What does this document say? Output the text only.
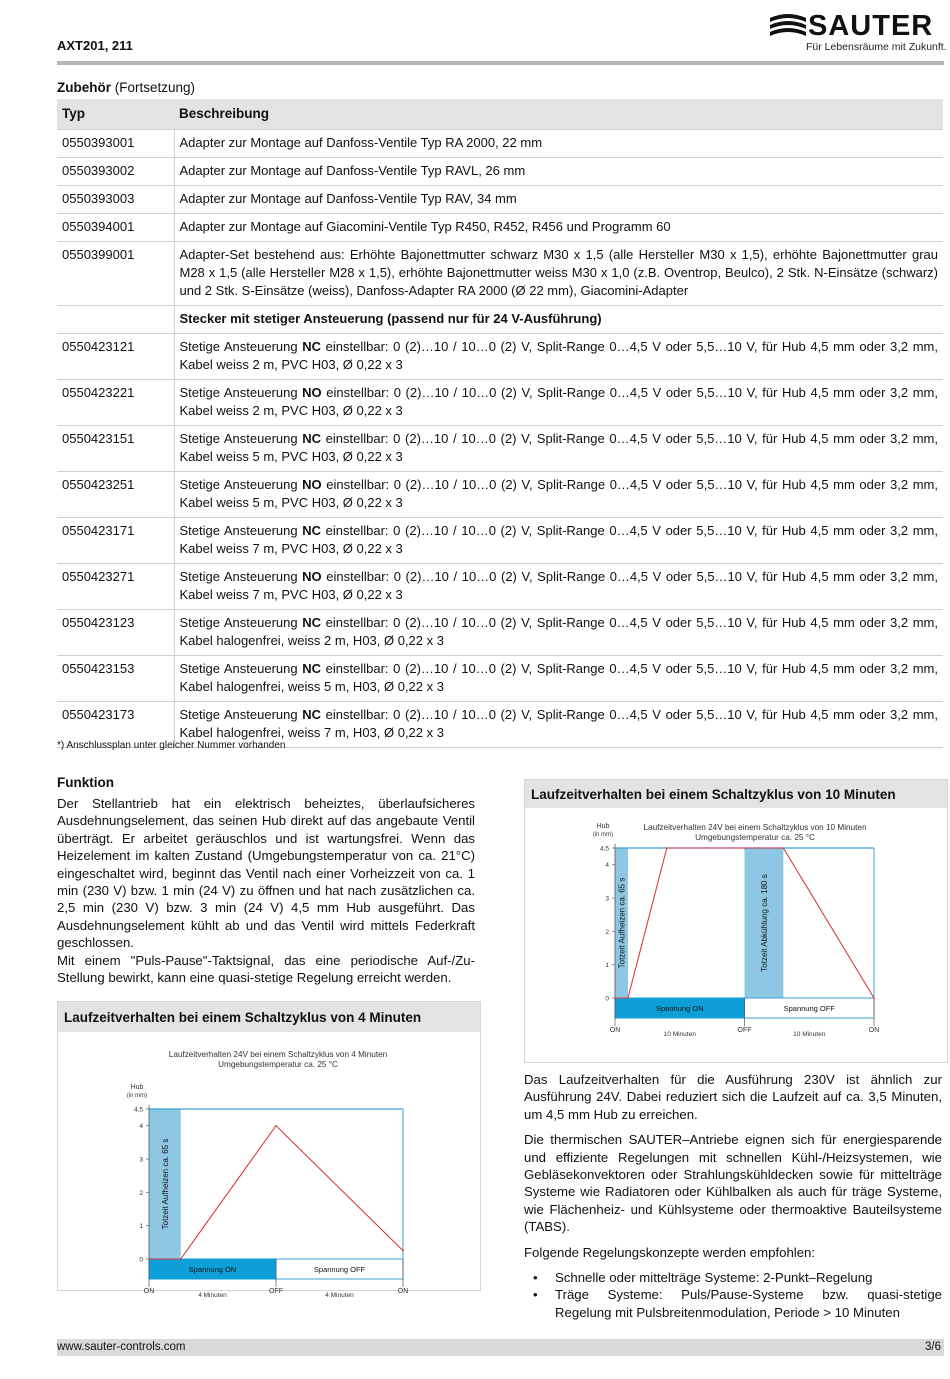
AXT201, 211
SAUTER
Für Lebensräume mit Zukunft.
Zubehör (Fortsetzung)
Typ	Beschreibung
0550393001	Adapter zur Montage auf Danfoss-Ventile Typ RA 2000, 22 mm
0550393002	Adapter zur Montage auf Danfoss-Ventile Typ RAVL, 26 mm
0550393003	Adapter zur Montage auf Danfoss-Ventile Typ RAV, 34 mm
0550394001	Adapter zur Montage auf Giacomini-Ventile Typ R450, R452, R456 und Programm 60
0550399001	Adapter-Set bestehend aus: Erhöhte Bajonettmutter schwarz M30 x 1,5 (alle Hersteller M30 x 1,5), erhöhte Bajonettmutter grau M28 x 1,5 (alle Hersteller M28 x 1,5), erhöhte Bajonettmutter weiss M30 x 1,0 (z.B. Oventrop, Beulco), 2 Stk. N-Einsätze (schwarz) und 2 Stk. S-Einsätze (weiss), Danfoss-Adapter RA 2000 (Ø 22 mm), Giacomini-Adapter
	Stecker mit stetiger Ansteuerung (passend nur für 24 V-Ausführung)
0550423121	Stetige Ansteuerung NC einstellbar: 0 (2)…10 / 10…0 (2) V, Split-Range 0…4,5 V oder 5,5…10 V, für Hub 4,5 mm oder 3,2 mm, Kabel weiss 2 m, PVC H03, Ø 0,22 x 3
0550423221	Stetige Ansteuerung NO einstellbar: 0 (2)…10 / 10…0 (2) V, Split-Range 0…4,5 V oder 5,5…10 V, für Hub 4,5 mm oder 3,2 mm, Kabel weiss 2 m, PVC H03, Ø 0,22 x 3
0550423151	Stetige Ansteuerung NC einstellbar: 0 (2)…10 / 10…0 (2) V, Split-Range 0…4,5 V oder 5,5…10 V, für Hub 4,5 mm oder 3,2 mm, Kabel weiss 5 m, PVC H03, Ø 0,22 x 3
0550423251	Stetige Ansteuerung NO einstellbar: 0 (2)…10 / 10…0 (2) V, Split-Range 0…4,5 V oder 5,5…10 V, für Hub 4,5 mm oder 3,2 mm, Kabel weiss 5 m, PVC H03, Ø 0,22 x 3
0550423171	Stetige Ansteuerung NC einstellbar: 0 (2)…10 / 10…0 (2) V, Split-Range 0…4,5 V oder 5,5…10 V, für Hub 4,5 mm oder 3,2 mm, Kabel weiss 7 m, PVC H03, Ø 0,22 x 3
0550423271	Stetige Ansteuerung NO einstellbar: 0 (2)…10 / 10…0 (2) V, Split-Range 0…4,5 V oder 5,5…10 V, für Hub 4,5 mm oder 3,2 mm, Kabel weiss 7 m, PVC H03, Ø 0,22 x 3
0550423123	Stetige Ansteuerung NC einstellbar: 0 (2)…10 / 10…0 (2) V, Split-Range 0…4,5 V oder 5,5…10 V, für Hub 4,5 mm oder 3,2 mm, Kabel halogenfrei, weiss 2 m, H03, Ø 0,22 x 3
0550423153	Stetige Ansteuerung NC einstellbar: 0 (2)…10 / 10…0 (2) V, Split-Range 0…4,5 V oder 5,5…10 V, für Hub 4,5 mm oder 3,2 mm, Kabel halogenfrei, weiss 5 m, H03, Ø 0,22 x 3
0550423173	Stetige Ansteuerung NC einstellbar: 0 (2)…10 / 10…0 (2) V, Split-Range 0…4,5 V oder 5,5…10 V, für Hub 4,5 mm oder 3,2 mm, Kabel halogenfrei, weiss 7 m, H03, Ø 0,22 x 3
*) Anschlussplan unter gleicher Nummer vorhanden
Funktion
Der Stellantrieb hat ein elektrisch beheiztes, überlaufsicheres Ausdehnungselement, das seinen Hub direkt auf das angebaute Ventil überträgt. Er arbeitet geräuschlos und ist wartungsfrei. Wenn das Heizelement im kalten Zustand (Umgebungstemperatur von ca. 21°C) eingeschaltet wird, beginnt das Ventil nach einer Vorheizzeit von ca. 1 min (230 V) bzw. 1 min (24 V) zu öffnen und hat nach zusätzlichen ca. 2,5 min (230 V) bzw. 3 min (24 V) 4,5 mm Hub ausgeführt. Das Ausdehnungselement kühlt ab und das Ventil wird mittels Federkraft geschlossen.
Mit einem "Puls-Pause"-Taktsignal, das eine periodische Auf-/Zu-Stellung bewirkt, kann eine quasi-stetige Regelung erreicht werden.
Laufzeitverhalten bei einem Schaltzyklus von 4 Minuten
Laufzeitverhalten 24V bei einem Schaltzyklus von 4 Minuten
Umgebungstemperatur ca. 25 °C
Hub
(in mm)
Totzeit Aufheizen ca. 65 s
0
1
2
3
4
4,5
Spannung ON	Spannung OFF
ON	OFF	ON
4 Minuten	4 Minuten
Laufzeitverhalten bei einem Schaltzyklus von 10 Minuten
Laufzeitverhalten 24V bei einem Schaltzyklus von 10 Minuten
Umgebungstemperatur ca. 25 °C
Hub
(in mm)
Totzeit Aufheizen ca. 65 s	Totzeit Abkühlung ca. 180 s
0
1
2
3
4
4,5
Spannung ON	Spannung OFF
ON	OFF	ON
10 Minuten	10 Minuten

Das Laufzeitverhalten für die Ausführung 230V ist ähnlich zur Ausführung 24V. Dabei reduziert sich die Laufzeit auf ca. 3,5 Minuten, um 4,5 mm Hub zu erreichen.

Die thermischen SAUTER–Antriebe eignen sich für energiesparende und effiziente Regelungen mit schnellen Kühl-/Heizsystemen, wie Gebläsekonvektoren oder Strahlungskühldecken sowie für mittelträge Systeme wie Radiatoren oder Kühlbalken als auch für träge Systeme, wie Flächenheiz- und Kühlsysteme oder thermoaktive Bauteilsysteme (TABS).

Folgende Regelungskonzepte werden empfohlen:

• Schnelle oder mittelträge Systeme: 2-Punkt–Regelung
• Träge Systeme: Puls/Pause-Systeme bzw. quasi-stetige Regelung mit Pulsbreitenmodulation, Periode > 10 Minuten
www.sauter-controls.com	3/6
